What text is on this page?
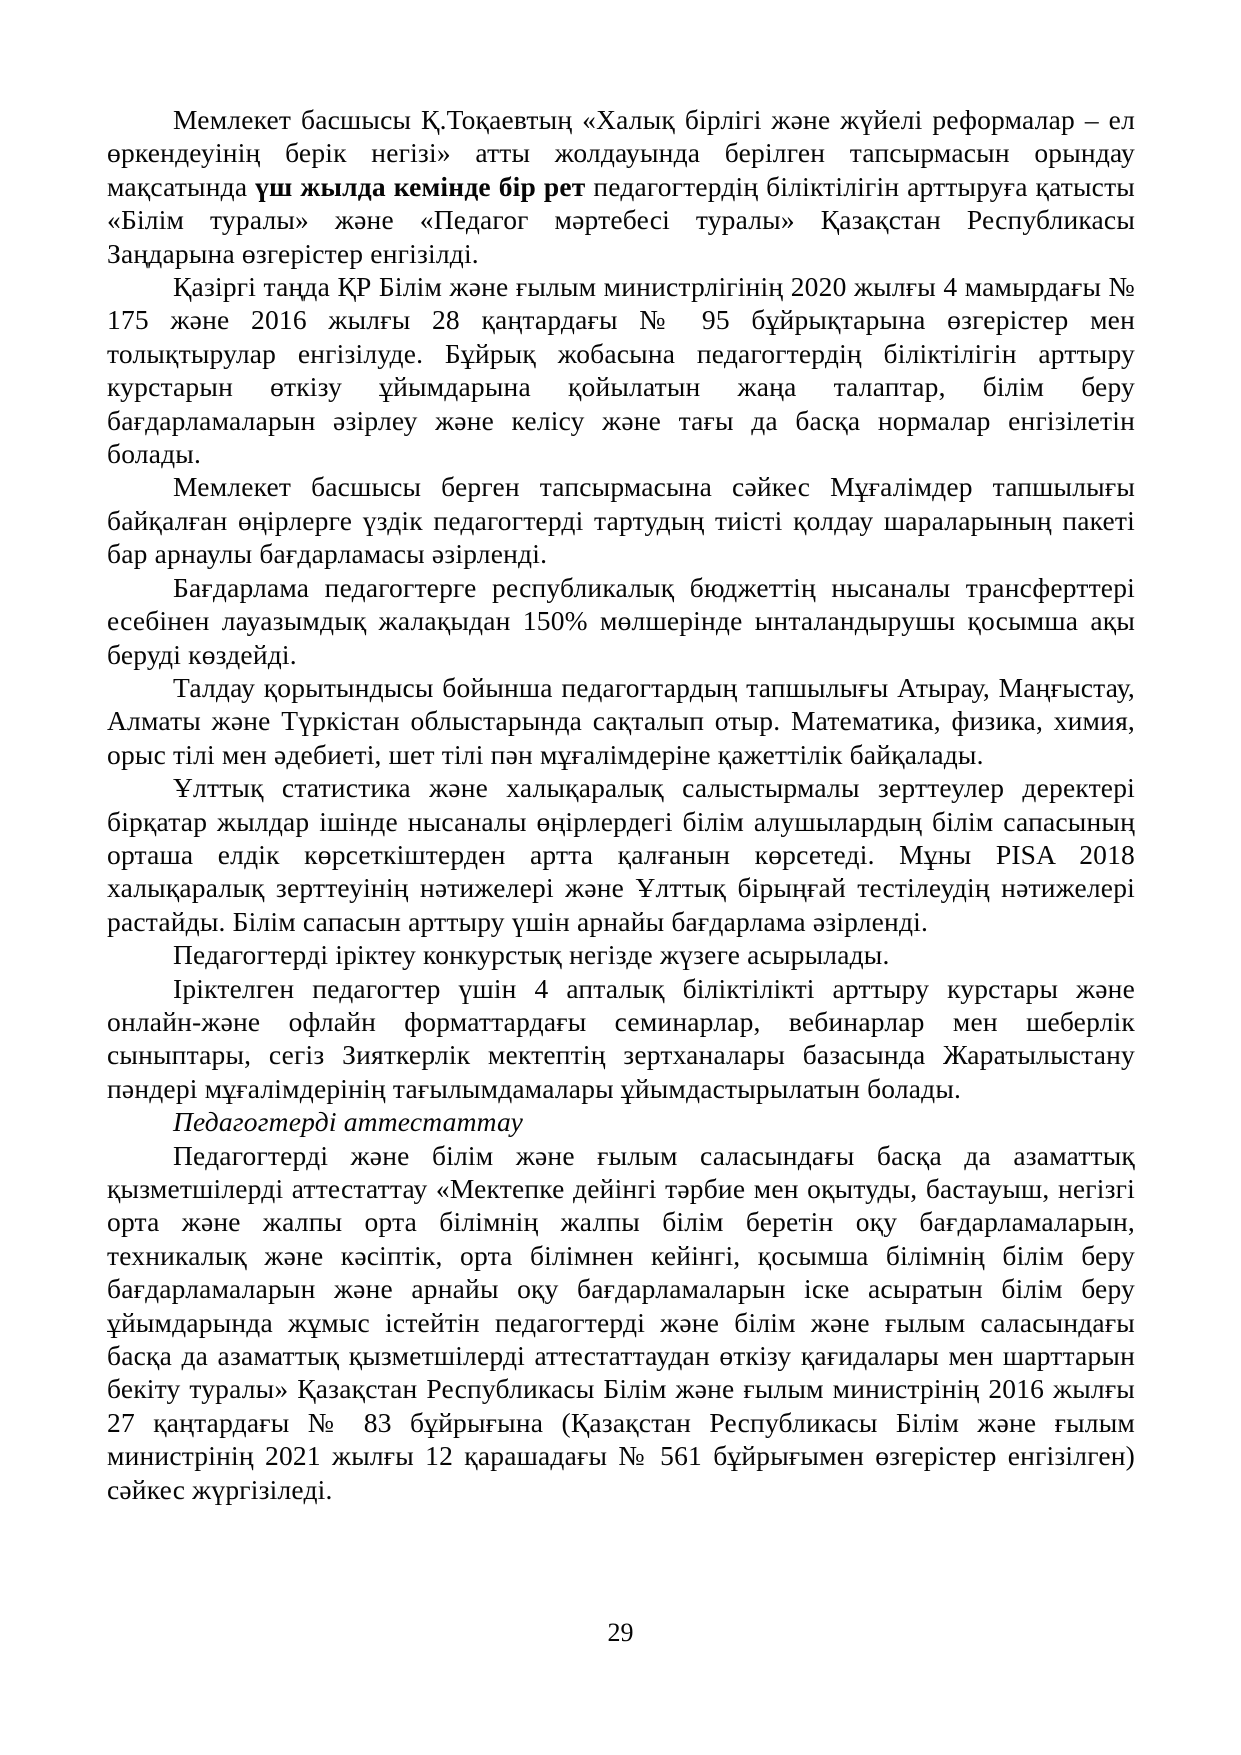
Мемлекет басшысы Қ.Тоқаевтың «Халық бірлігі және жүйелі реформалар – ел өркендеуінің берік негізі» атты жолдауында берілген тапсырмасын орындау мақсатында үш жылда кемінде бір рет педагогтердің біліктілігін арттыруға қатысты «Білім туралы» және «Педагог мәртебесі туралы» Қазақстан Республикасы Заңдарына өзгерістер енгізілді.

Қазіргі таңда ҚР Білім және ғылым министрлігінің 2020 жылғы 4 мамырдағы № 175 және 2016 жылғы 28 қаңтардағы № 95 бұйрықтарына өзгерістер мен толықтырулар енгізілуде. Бұйрық жобасына педагогтердің біліктілігін арттыру курстарын өткізу ұйымдарына қойылатын жаңа талаптар, білім беру бағдарламаларын әзірлеу және келісу және тағы да басқа нормалар енгізілетін болады.

Мемлекет басшысы берген тапсырмасына сәйкес Мұғалімдер тапшылығы байқалған өңірлерге үздік педагогтерді тартудың тиісті қолдау шараларының пакеті бар арнаулы бағдарламасы әзірленді.

Бағдарлама педагогтерге республикалық бюджеттің нысаналы трансферттері есебінен лауазымдық жалақыдан 150% мөлшерінде ынталандырушы қосымша ақы беруді көздейді.

Талдау қорытындысы бойынша педагогтардың тапшылығы Атырау, Маңғыстау, Алматы және Түркістан облыстарында сақталып отыр. Математика, физика, химия, орыс тілі мен әдебиеті, шет тілі пән мұғалімдеріне қажеттілік байқалады.

Ұлттық статистика және халықаралық салыстырмалы зерттеулер деректері бірқатар жылдар ішінде нысаналы өңірлердегі білім алушылардың білім сапасының орташа елдік көрсеткіштерден артта қалғанын көрсетеді. Мұны PISA 2018 халықаралық зерттеуінің нәтижелері және Ұлттық бірыңғай тестілеудің нәтижелері растайды. Білім сапасын арттыру үшін арнайы бағдарлама әзірленді.

Педагогтерді іріктеу конкурстық негізде жүзеге асырылады.

Іріктелген педагогтер үшін 4 апталық біліктілікті арттыру курстары және онлайн-және офлайн форматтардағы семинарлар, вебинарлар мен шеберлік сыныптары, сегіз Зияткерлік мектептің зертханалары базасында Жаратылыстану пәндері мұғалімдерінің тағылымдамалары ұйымдастырылатын болады.

Педагогтерді аттестаттау

Педагогтерді және білім және ғылым саласындағы басқа да азаматтық қызметшілерді аттестаттау «Мектепке дейінгі тәрбие мен оқытуды, бастауыш, негізгі орта және жалпы орта білімнің жалпы білім беретін оқу бағдарламаларын, техникалық және кәсіптік, орта білімнен кейінгі, қосымша білімнің білім беру бағдарламаларын және арнайы оқу бағдарламаларын іске асыратын білім беру ұйымдарында жұмыс істейтін педагогтерді және білім және ғылым саласындағы басқа да азаматтық қызметшілерді аттестаттаудан өткізу қағидалары мен шарттарын бекіту туралы» Қазақстан Республикасы Білім және ғылым министрінің 2016 жылғы 27 қаңтардағы № 83 бұйрығына (Қазақстан Республикасы Білім және ғылым министрінің 2021 жылғы 12 қарашадағы № 561 бұйрығымен өзгерістер енгізілген) сәйкес жүргізіледі.

29
